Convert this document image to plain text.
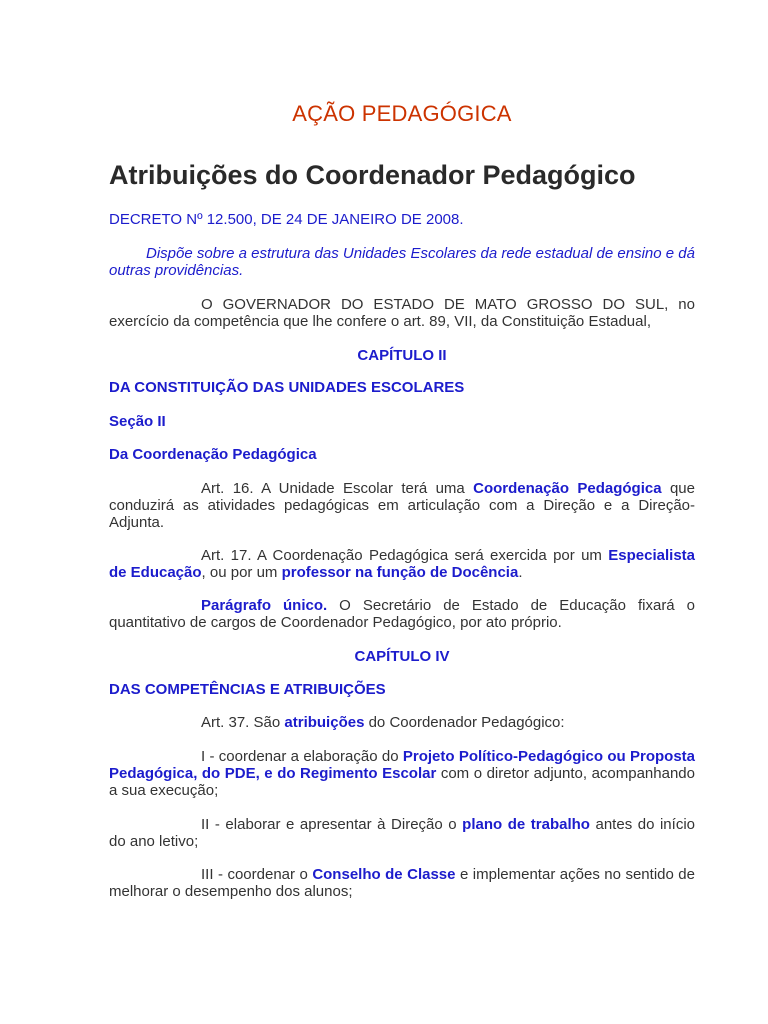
AÇÃO PEDAGÓGICA
Atribuições do Coordenador Pedagógico
DECRETO Nº 12.500, DE 24 DE JANEIRO DE 2008.
Dispõe sobre a estrutura das Unidades Escolares da rede estadual de ensino e dá outras providências.
O GOVERNADOR DO ESTADO DE MATO GROSSO DO SUL, no exercício da competência que lhe confere o art. 89, VII, da Constituição Estadual,
CAPÍTULO II
DA CONSTITUIÇÃO DAS UNIDADES ESCOLARES
Seção II
Da Coordenação Pedagógica
Art. 16. A Unidade Escolar terá uma Coordenação Pedagógica que conduzirá as atividades pedagógicas em articulação com a Direção e a Direção-Adjunta.
Art. 17. A Coordenação Pedagógica será exercida por um Especialista de Educação, ou por um professor na função de Docência.
Parágrafo único. O Secretário de Estado de Educação fixará o quantitativo de cargos de Coordenador Pedagógico, por ato próprio.
CAPÍTULO IV
DAS COMPETÊNCIAS E ATRIBUIÇÕES
Art. 37. São atribuições do Coordenador Pedagógico:
I - coordenar a elaboração do Projeto Político-Pedagógico ou Proposta Pedagógica, do PDE, e do Regimento Escolar com o diretor adjunto, acompanhando a sua execução;
II - elaborar e apresentar à Direção o plano de trabalho antes do início do ano letivo;
III - coordenar o Conselho de Classe e implementar ações no sentido de melhorar o desempenho dos alunos;
